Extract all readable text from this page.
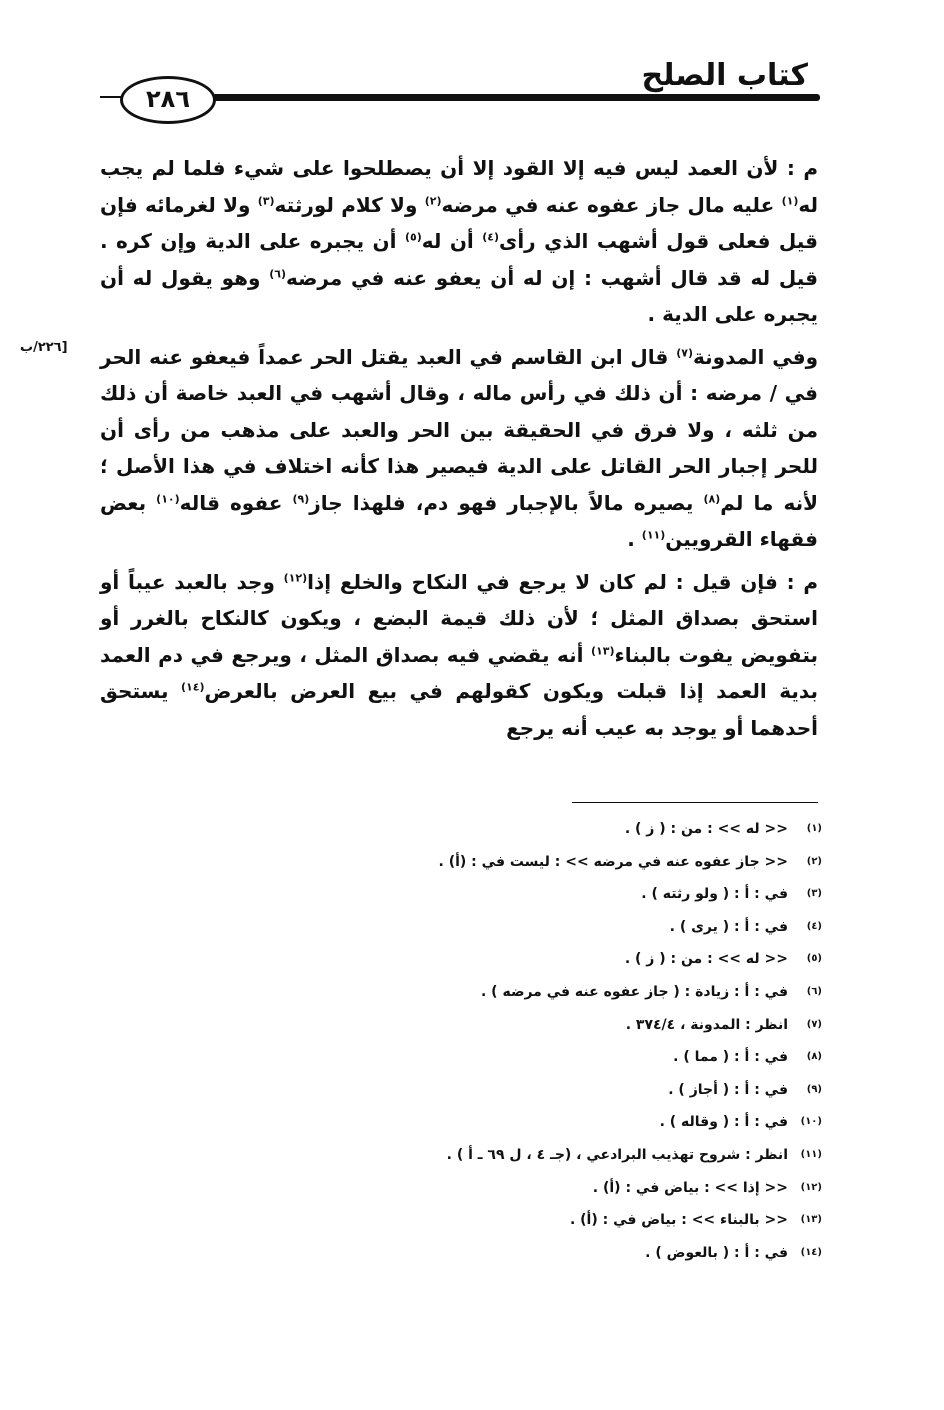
كتاب الصلح
٢٨٦
[٢٢٦/ب

م : لأن العمد ليس فيه إلا القود إلا أن يصطلحوا على شيء فلما لم يجب له$^{(١)}$ عليه مال جاز عفوه عنه في مرضه$^{(٢)}$ ولا كلام لورثته$^{(٣)}$ ولا لغرمائه فإن قيل فعلى قول أشهب الذي رأى$^{(٤)}$ أن له$^{(٥)}$ أن يجبره على الدية وإن كره . قيل له قد قال أشهب : إن له أن يعفو عنه في مرضه$^{(٦)}$ وهو يقول له أن يجبره على الدية .

وفي المدونة$^{(٧)}$ قال ابن القاسم في العبد يقتل الحر عمداً فيعفو عنه الحر في / مرضه : أن ذلك في رأس ماله ، وقال أشهب في العبد خاصة أن ذلك من ثلثه ، ولا فرق في الحقيقة بين الحر والعبد على مذهب من رأى أن للحر إجبار الحر القاتل على الدية فيصير هذا كأنه اختلاف في هذا الأصل ؛ لأنه ما لم$^{(٨)}$ يصيره مالاً بالإجبار فهو دم، فلهذا جاز$^{(٩)}$ عفوه قاله$^{(١٠)}$ بعض فقهاء القرويين$^{(١١)}$ .

م : فإن قيل : لم كان لا يرجع في النكاح والخلع إذا$^{(١٢)}$ وجد بالعبد عيباً أو استحق بصداق المثل ؛ لأن ذلك قيمة البضع ، ويكون كالنكاح بالغرر أو بتفويض يفوت بالبناء$^{(١٣)}$ أنه يقضي فيه بصداق المثل ، ويرجع في دم العمد بدية العمد إذا قبلت ويكون كقولهم في بيع العرض بالعرض$^{(١٤)}$ يستحق أحدهما أو يوجد به عيب أنه يرجع

(١)<< له >> : من : ( ز ) .
(٢)<< جاز عفوه عنه في مرضه >> : ليست في : (أ) .
(٣)في : أ : ( ولو رثته ) .
(٤)في : أ : ( يرى ) .
(٥)<< له >> : من : ( ز ) .
(٦)في : أ : زيادة : ( جاز عفوه عنه في مرضه ) .
(٧)انظر : المدونة ، ٣٧٤/٤ .
(٨)في : أ : ( مما ) .
(٩)في : أ : ( أجاز ) .
(١٠)في : أ : ( وقاله ) .
(١١)انظر : شروح تهذيب البرادعي ، (جـ ٤ ، ل ٦٩ ـ أ ) .
(١٢)<< إذا >> : بياض في : (أ) .
(١٣)<< بالبناء >> : بياض في : (أ) .
(١٤)في : أ : ( بالعوض ) .
